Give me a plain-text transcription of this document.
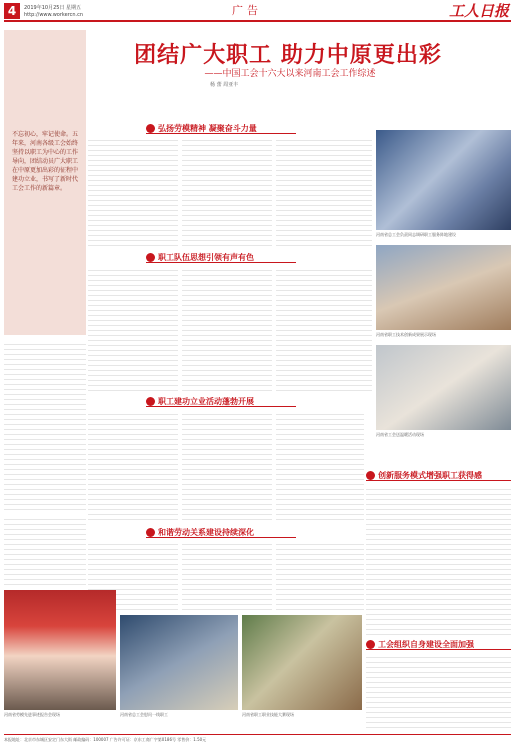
4	2019年10月25日 星期五
http://www.workercn.cn	广告	工人日报
不忘初心，牢记使命。五年来，河南各级工会始终坚持以职工为中心的工作导向，团结动员广大职工在中原更加出彩的征程中建功立业，书写了新时代工会工作的新篇章。
团结广大职工 助力中原更出彩
——中国工会十六大以来河南工会工作综述
杨 蕾 周亚丰
河南省总工会负责同志调研职工服务阵地建设
河南省职工技术创新成果展示现场
河南省工会送温暖活动现场
弘扬劳模精神 凝聚奋斗力量
职工队伍思想引领有声有色
职工建功立业活动蓬勃开展
和谐劳动关系建设持续深化
创新服务模式增强职工获得感
工会组织自身建设全面加强
河南省劳模先进事迹报告会现场	河南省总工会慰问一线职工	河南省职工职业技能大赛现场
本报地址：北京市东城区安定门东大街 邮政编码：100007 广告许可证：京东工商广字第0186号 零售价：1.50元
